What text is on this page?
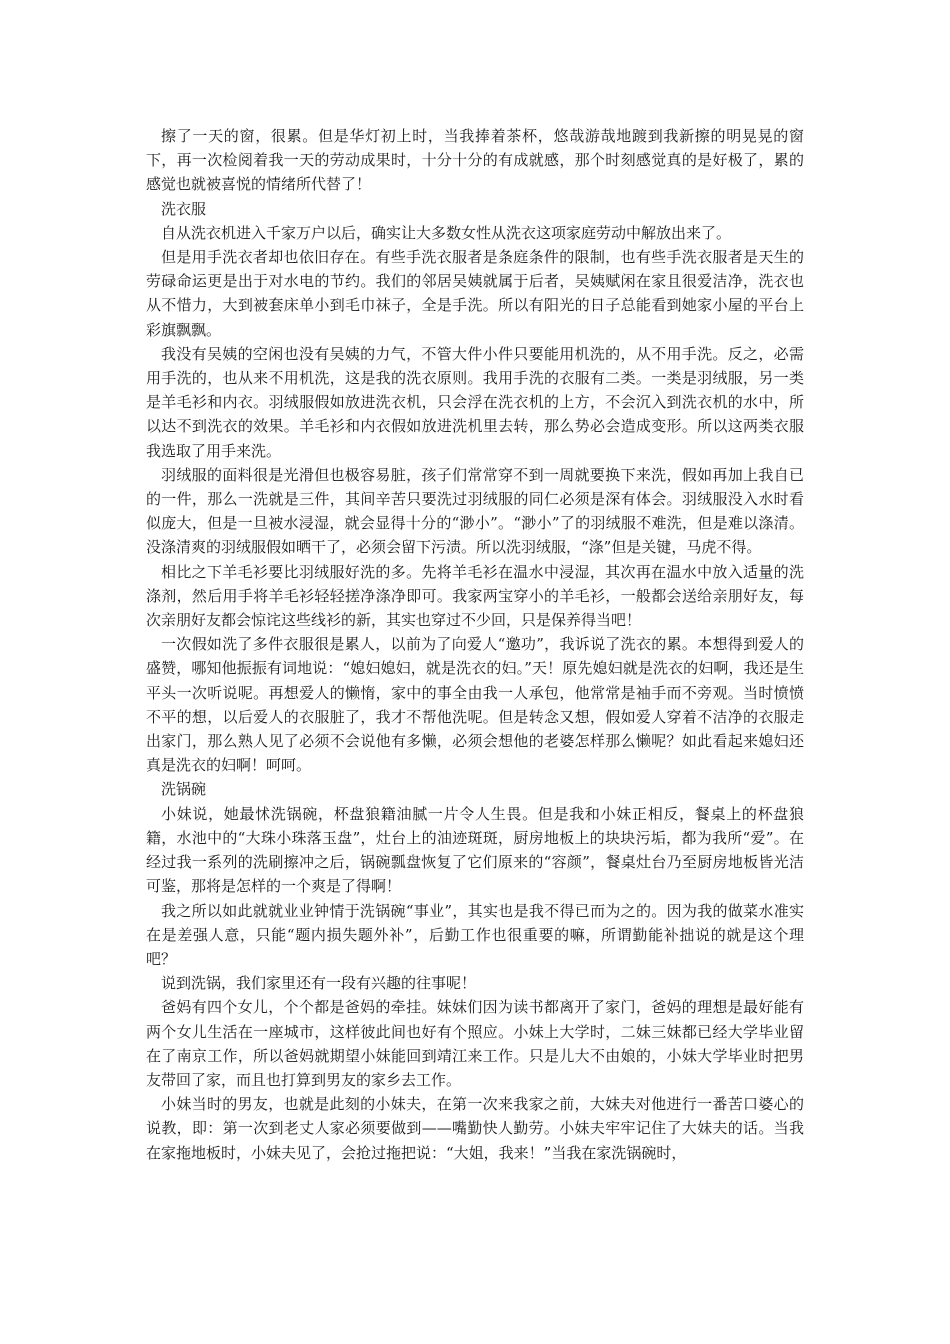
擦了一天的窗，很累。但是华灯初上时，当我捧着茶杯，悠哉游哉地踱到我新擦的明晃晃的窗下，再一次检阅着我一天的劳动成果时，十分十分的有成就感，那个时刻感觉真的是好极了，累的感觉也就被喜悦的情绪所代替了！

洗衣服

自从洗衣机进入千家万户以后，确实让大多数女性从洗衣这项家庭劳动中解放出来了。

但是用手洗衣者却也依旧存在。有些手洗衣服者是条庭条件的限制，也有些手洗衣服者是天生的劳碌命运更是出于对水电的节约。我们的邻居吴姨就属于后者，吴姨赋闲在家且很爱洁净，洗衣也从不惜力，大到被套床单小到毛巾袜子，全是手洗。所以有阳光的日子总能看到她家小屋的平台上彩旗飘飘。

我没有吴姨的空闲也没有吴姨的力气，不管大件小件只要能用机洗的，从不用手洗。反之，必需用手洗的，也从来不用机洗，这是我的洗衣原则。我用手洗的衣服有二类。一类是羽绒服，另一类是羊毛衫和内衣。羽绒服假如放进洗衣机，只会浮在洗衣机的上方，不会沉入到洗衣机的水中，所以达不到洗衣的效果。羊毛衫和内衣假如放进洗机里去转，那么势必会造成变形。所以这两类衣服我选取了用手来洗。

羽绒服的面料很是光滑但也极容易脏，孩子们常常穿不到一周就要换下来洗，假如再加上我自已的一件，那么一洗就是三件，其间辛苦只要洗过羽绒服的同仁必须是深有体会。羽绒服没入水时看似庞大，但是一旦被水浸湿，就会显得十分的“渺小”。“渺小”了的羽绒服不难洗，但是难以涤清。没涤清爽的羽绒服假如晒干了，必须会留下污渍。所以洗羽绒服，“涤”但是关键，马虎不得。

相比之下羊毛衫要比羽绒服好洗的多。先将羊毛衫在温水中浸湿，其次再在温水中放入适量的洗涤剂，然后用手将羊毛衫轻轻搓净涤净即可。我家两宝穿小的羊毛衫，一般都会送给亲朋好友，每次亲朋好友都会惊诧这些线衫的新，其实也穿过不少回，只是保养得当吧！

一次假如洗了多件衣服很是累人，以前为了向爱人“邀功”，我诉说了洗衣的累。本想得到爱人的盛赞，哪知他振振有词地说：“媳妇媳妇，就是洗衣的妇。”天！原先媳妇就是洗衣的妇啊，我还是生平头一次听说呢。再想爱人的懒惰，家中的事全由我一人承包，他常常是袖手而不旁观。当时愤愤不平的想，以后爱人的衣服脏了，我才不帮他洗呢。但是转念又想，假如爱人穿着不洁净的衣服走出家门，那么熟人见了必须不会说他有多懒，必须会想他的老婆怎样那么懒呢？如此看起来媳妇还真是洗衣的妇啊！呵呵。

洗锅碗

小妹说，她最怵洗锅碗，杯盘狼籍油腻一片令人生畏。但是我和小妹正相反，餐桌上的杯盘狼籍，水池中的“大珠小珠落玉盘”，灶台上的油迹斑斑，厨房地板上的块块污垢，都为我所“爱”。在经过我一系列的洗刷擦冲之后，锅碗瓢盘恢复了它们原来的“容颜”，餐桌灶台乃至厨房地板皆光洁可鉴，那将是怎样的一个爽是了得啊！

我之所以如此就就业业钟情于洗锅碗“事业”，其实也是我不得已而为之的。因为我的做菜水准实在是差强人意，只能“题内损失题外补”，后勤工作也很重要的嘛，所谓勤能补拙说的就是这个理吧？

说到洗锅，我们家里还有一段有兴趣的往事呢！

爸妈有四个女儿，个个都是爸妈的牵挂。妹妹们因为读书都离开了家门，爸妈的理想是最好能有两个女儿生活在一座城市，这样彼此间也好有个照应。小妹上大学时，二妹三妹都已经大学毕业留在了南京工作，所以爸妈就期望小妹能回到靖江来工作。只是儿大不由娘的，小妹大学毕业时把男友带回了家，而且也打算到男友的家乡去工作。

小妹当时的男友，也就是此刻的小妹夫，在第一次来我家之前，大妹夫对他进行一番苦口婆心的说教，即：第一次到老丈人家必须要做到——嘴勤快人勤劳。小妹夫牢牢记住了大妹夫的话。当我在家拖地板时，小妹夫见了，会抢过拖把说：“大姐，我来！”当我在家洗锅碗时，
